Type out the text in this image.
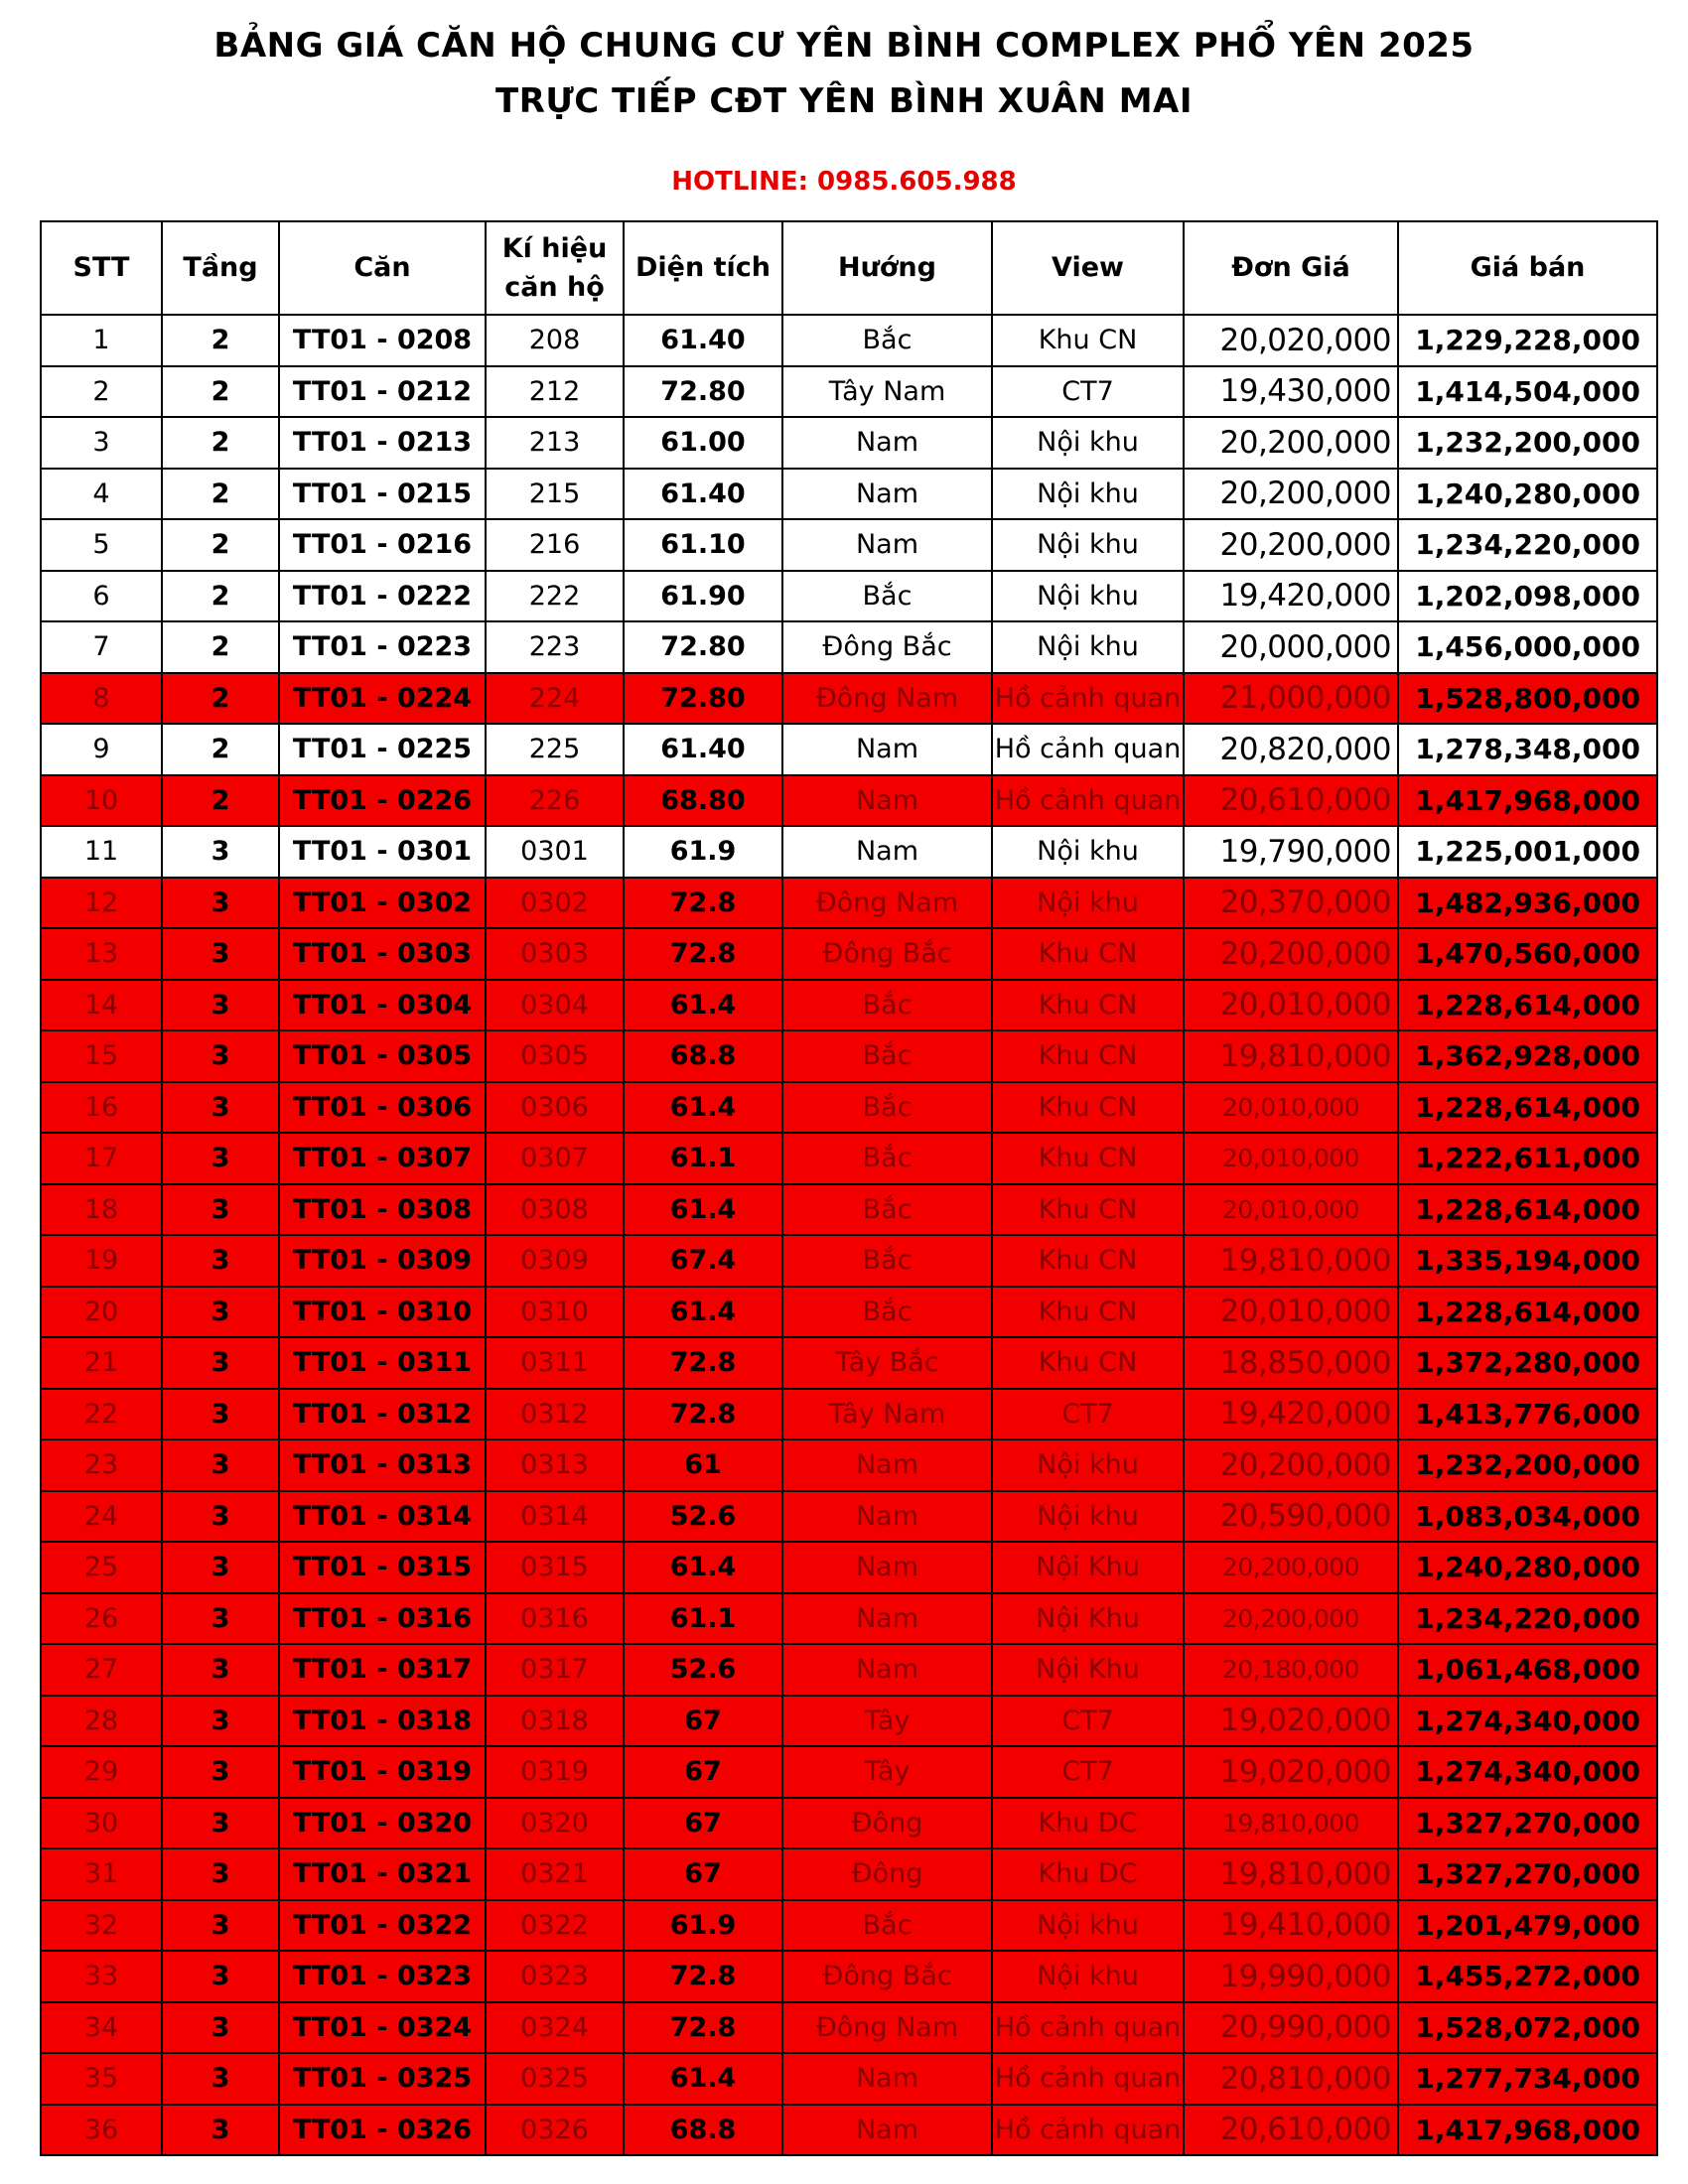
BẢNG GIÁ CĂN HỘ CHUNG CƯ YÊN BÌNH COMPLEX PHỔ YÊN 2025
TRỰC TIẾP CĐT YÊN BÌNH XUÂN MAI
HOTLINE: 0985.605.988
STT	Tầng	Căn	Kí hiệu căn hộ	Diện tích	Hướng	View	Đơn Giá	Giá bán
1	2	TT01 - 0208	208	61.40	Bắc	Khu CN	20,020,000	1,229,228,000
2	2	TT01 - 0212	212	72.80	Tây Nam	CT7	19,430,000	1,414,504,000
3	2	TT01 - 0213	213	61.00	Nam	Nội khu	20,200,000	1,232,200,000
4	2	TT01 - 0215	215	61.40	Nam	Nội khu	20,200,000	1,240,280,000
5	2	TT01 - 0216	216	61.10	Nam	Nội khu	20,200,000	1,234,220,000
6	2	TT01 - 0222	222	61.90	Bắc	Nội khu	19,420,000	1,202,098,000
7	2	TT01 - 0223	223	72.80	Đông Bắc	Nội khu	20,000,000	1,456,000,000
8	2	TT01 - 0224	224	72.80	Đông Nam	Hồ cảnh quan	21,000,000	1,528,800,000
9	2	TT01 - 0225	225	61.40	Nam	Hồ cảnh quan	20,820,000	1,278,348,000
10	2	TT01 - 0226	226	68.80	Nam	Hồ cảnh quan	20,610,000	1,417,968,000
11	3	TT01 - 0301	0301	61.9	Nam	Nội khu	19,790,000	1,225,001,000
12	3	TT01 - 0302	0302	72.8	Đông Nam	Nội khu	20,370,000	1,482,936,000
13	3	TT01 - 0303	0303	72.8	Đông Bắc	Khu CN	20,200,000	1,470,560,000
14	3	TT01 - 0304	0304	61.4	Bắc	Khu CN	20,010,000	1,228,614,000
15	3	TT01 - 0305	0305	68.8	Bắc	Khu CN	19,810,000	1,362,928,000
16	3	TT01 - 0306	0306	61.4	Bắc	Khu CN	20,010,000	1,228,614,000
17	3	TT01 - 0307	0307	61.1	Bắc	Khu CN	20,010,000	1,222,611,000
18	3	TT01 - 0308	0308	61.4	Bắc	Khu CN	20,010,000	1,228,614,000
19	3	TT01 - 0309	0309	67.4	Bắc	Khu CN	19,810,000	1,335,194,000
20	3	TT01 - 0310	0310	61.4	Bắc	Khu CN	20,010,000	1,228,614,000
21	3	TT01 - 0311	0311	72.8	Tây Bắc	Khu CN	18,850,000	1,372,280,000
22	3	TT01 - 0312	0312	72.8	Tây Nam	CT7	19,420,000	1,413,776,000
23	3	TT01 - 0313	0313	61	Nam	Nội khu	20,200,000	1,232,200,000
24	3	TT01 - 0314	0314	52.6	Nam	Nội khu	20,590,000	1,083,034,000
25	3	TT01 - 0315	0315	61.4	Nam	Nội Khu	20,200,000	1,240,280,000
26	3	TT01 - 0316	0316	61.1	Nam	Nội Khu	20,200,000	1,234,220,000
27	3	TT01 - 0317	0317	52.6	Nam	Nội Khu	20,180,000	1,061,468,000
28	3	TT01 - 0318	0318	67	Tây	CT7	19,020,000	1,274,340,000
29	3	TT01 - 0319	0319	67	Tây	CT7	19,020,000	1,274,340,000
30	3	TT01 - 0320	0320	67	Đông	Khu DC	19,810,000	1,327,270,000
31	3	TT01 - 0321	0321	67	Đông	Khu DC	19,810,000	1,327,270,000
32	3	TT01 - 0322	0322	61.9	Bắc	Nội khu	19,410,000	1,201,479,000
33	3	TT01 - 0323	0323	72.8	Đông Bắc	Nội khu	19,990,000	1,455,272,000
34	3	TT01 - 0324	0324	72.8	Đông Nam	Hồ cảnh quan	20,990,000	1,528,072,000
35	3	TT01 - 0325	0325	61.4	Nam	Hồ cảnh quan	20,810,000	1,277,734,000
36	3	TT01 - 0326	0326	68.8	Nam	Hồ cảnh quan	20,610,000	1,417,968,000
